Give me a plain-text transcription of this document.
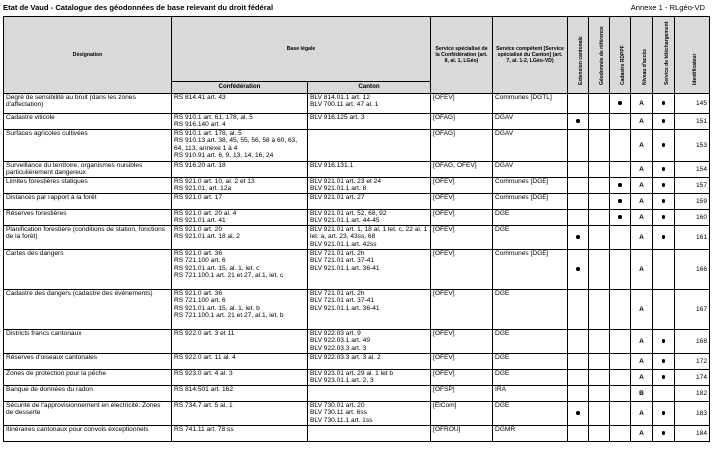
Etat de Vaud - Catalogue des géodonnées de base relevant du droit fédéral	Annexe 1 - RLgéo-VD
Désignation	Base légale		Service spécialisé de la Confédération (art. 8, al. 1, LGéo)	Service compétent [Service spécialisé du Canton] (art. 7, al. 1-2, LGéo-VD)	Extension cantonale	Géodonnée de référence	Cadastre RDPPF	Niveau d'accès	Service de téléchargement	Identificateur

	Confédération	Canton								
Degré de sensibilité au bruit (dans les zones d'affectation)	RS 814.41 art. 43	BLV 814.01.1 art. 12
BLV 700.11 art. 47 al. 1	[OFEV]	Communes [DGTL]				A		145
Cadastre viticole	RS 910.1 art. 61, 178, al. 5
RS 916.140 art. 4	BLV 916.125 art. 3	[OFAG]	DGAV				A		151
Surfaces agricoles cultivées	RS 910.1 art. 178, al. 5
RS 910.13 art. 38, 45, 55, 56, 58 à 60, 63, 64, 113, annexe 1 à 4
RS 910.91 art. 6, 9, 13, 14, 16, 24		[OFAG]	DGAV				A		153
Surveillance du territoire, organismes nuisibles particulièrement dangereux	RS 916.20 art. 18	BLV 916.131.1	[OFAG, OFEV]	DGAV				A		154
Limites forestières statiques	RS 921.0 art. 10, al. 2 et 13
RS 921.01, art. 12a	BLV 921.01 art. 23 et 24
BLV 921.01.1 art. 8	[OFEV]	Communes [DGE]				A		157
Distances par rapport à la forêt	RS 921.0 art. 17	BLV 921.01 art. 27	[OFEV]	Communes [DGE]				A		159
Réserves forestières	RS 921.0 art. 20 al. 4
RS 921.01 art. 41	BLV 921.01 art. 52, 68, 92
BLV 921.01.1 art. 44-45	[OFEV]	DGE				A		160
Planification forestière (conditions de station, fonctions de la forêt)	RS 921.0 art. 20
RS 921.01 art. 18 al. 2	BLV 921.01 art. 1, 18 al. 1 let. c, 22 al. 1 let. a, art. 23, 43ss, 68
BLV 921.01.1 art. 42ss	[OFEV]	DGE				A		161
Cartes des dangers	RS 921.0 art. 36
RS 721.100 art. 6
RS 921.01 art. 15, al. 1, let. c
RS 721.100.1 art. 21 et 27, al.1, let. c	BLV 721.01 art. 2h
BLV 721.01 art. 37-41
BLV 921.01.1 art. 36-41	[OFEV]	Communes [DGE]				A		166
Cadastre des dangers (cadastre des événements)	RS 921.0 art. 36
RS 721.100 art. 6
RS 921.01 art. 15, al. 1, let. b
RS 721.100.1 art. 21 et 27, al.1, let. b	BLV 721.01 art. 2h
BLV 721.01 art. 37-41
BLV 921.01.1 art. 36-41	[OFEV]	DGE				A		167
Districts francs cantonaux	RS 922.0 art. 3 et 11	BLV 922.03 art. 9
BLV 922.03.1 art. 49
BLV 922.03.3 art. 3	[OFEV]	DGE				A		168
Réserves d'oiseaux cantonales	RS 922.0 art. 11 al. 4	BLV 922.03.3 art. 3 al. 2	[OFEV]	DGE				A		172
Zones de protection pour la pêche	RS 923.0 art. 4 al. 3	BLV 923.01 art. 29 al. 1 let b
BLV 923.01.1 art. 2, 3	[OFEV]	DGE				A		174
Banque de données du radon	RS 814.501 art. 162		[OFSP]	IRA				B		182
Sécurité de l'approvisionnement en électricité: Zones de desserte	RS 734.7 art. 5 al. 1	BLV 730.01 art. 20
BLV 730.11 art. 6ss
BLV 730.11.1 art. 1ss	[ElCom]	DGE				A		183
Itinéraires cantonaux pour convois exceptionnels	RS 741.11 art. 78 ss		[OFROU]	DGMR				A		184
